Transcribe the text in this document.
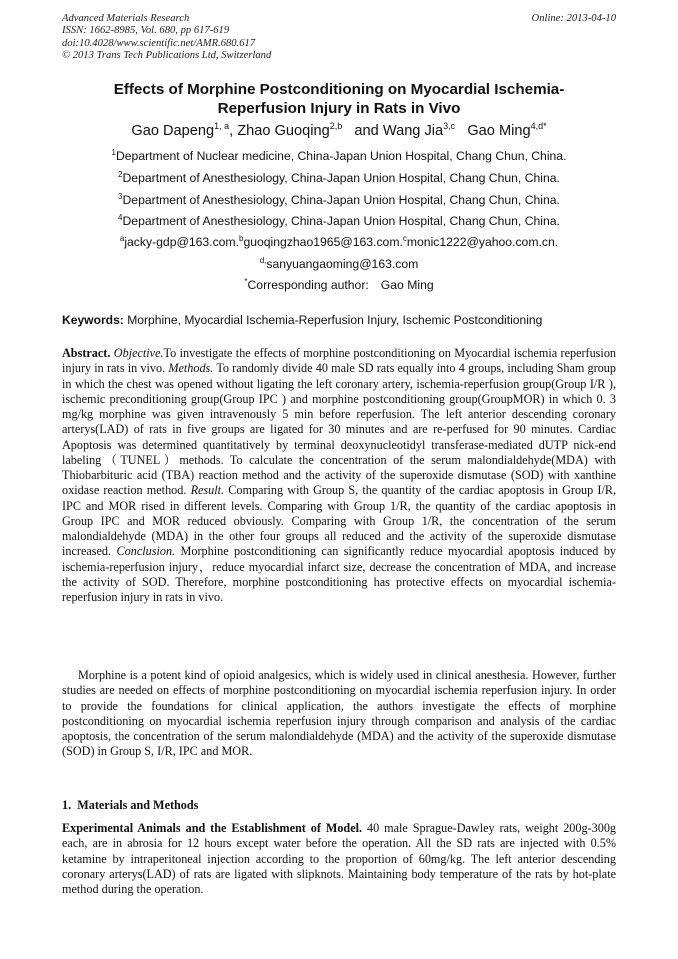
Advanced Materials Research
ISSN: 1662-8985, Vol. 680, pp 617-619
doi:10.4028/www.scientific.net/AMR.680.617
© 2013 Trans Tech Publications Ltd, Switzerland
Online: 2013-04-10
Effects of Morphine Postconditioning on Myocardial Ischemia-
Reperfusion Injury in Rats in Vivo
Gao Dapeng$^{1, a}$, Zhao Guoqing$^{2,b}$   and Wang Jia$^{3,c}$ Gao Ming$^{4,d*}$
$^1$Department of Nuclear medicine, China-Japan Union Hospital, Chang Chun, China.
$^2$Department of Anesthesiology, China-Japan Union Hospital, Chang Chun, China.
$^3$Department of Anesthesiology, China-Japan Union Hospital, Chang Chun, China.
$^4$Department of Anesthesiology, China-Japan Union Hospital, Chang Chun, China.
$^a$jacky-gdp@163.com.$^b$guoqingzhao1965@163.com.$^c$monic1222@yahoo.com.cn.
$^{d,}$sanyuangaoming@163.com
*Corresponding author: Gao Ming
Keywords: Morphine, Myocardial Ischemia-Reperfusion Injury, Ischemic Postconditioning
Abstract. Objective.To investigate the effects of morphine postconditioning on Myocardial ischemia reperfusion injury in rats in vivo. Methods. To randomly divide 40 male SD rats equally into 4 groups, including Sham group in which the chest was opened without ligating the left coronary artery, ischemia-reperfusion group(Group I/R ), ischemic preconditioning group(Group IPC ) and morphine postconditioning group(GroupMOR) in which 0. 3 mg/kg morphine was given intravenously 5 min before reperfusion. The left anterior descending coronary arterys(LAD) of rats in five groups are ligated for 30 minutes and are re-perfused for 90 minutes. Cardiac Apoptosis was determined quantitatively by terminal deoxynucleotidyl transferase-mediated dUTP nick-end labeling（TUNEL）methods. To calculate the concentration of the serum malondialdehyde(MDA) with Thiobarbituric acid (TBA) reaction method and the activity of the superoxide dismutase (SOD) with xanthine oxidase reaction method. Result. Comparing with Group S, the quantity of the cardiac apoptosis in Group I/R, IPC and MOR rised in different levels. Comparing with Group 1/R, the quantity of the cardiac apoptosis in Group IPC and MOR reduced obviously. Comparing with Group 1/R, the concentration of the serum malondialdehyde (MDA) in the other four groups all reduced and the activity of the superoxide dismutase increased. Conclusion. Morphine postconditioning can significantly reduce myocardial apoptosis induced by ischemia-reperfusion injury，reduce myocardial infarct size, decrease the concentration of MDA, and increase the activity of SOD. Therefore, morphine postconditioning has protective effects on myocardial ischemia-reperfusion injury in rats in vivo.
Morphine is a potent kind of opioid analgesics, which is widely used in clinical anesthesia. However, further studies are needed on effects of morphine postconditioning on myocardial ischemia reperfusion injury. In order to provide the foundations for clinical application, the authors investigate the effects of morphine postconditioning on myocardial ischemia reperfusion injury through comparison and analysis of the cardiac apoptosis, the concentration of the serum malondialdehyde (MDA) and the activity of the superoxide dismutase (SOD) in Group S, I/R, IPC and MOR.
1. Materials and Methods
Experimental Animals and the Establishment of Model. 40 male Sprague-Dawley rats, weight 200g-300g each, are in abrosia for 12 hours except water before the operation. All the SD rats are injected with 0.5% ketamine by intraperitoneal injection according to the proportion of 60mg/kg. The left anterior descending coronary arterys(LAD) of rats are ligated with slipknots. Maintaining body temperature of the rats by hot-plate method during the operation.
